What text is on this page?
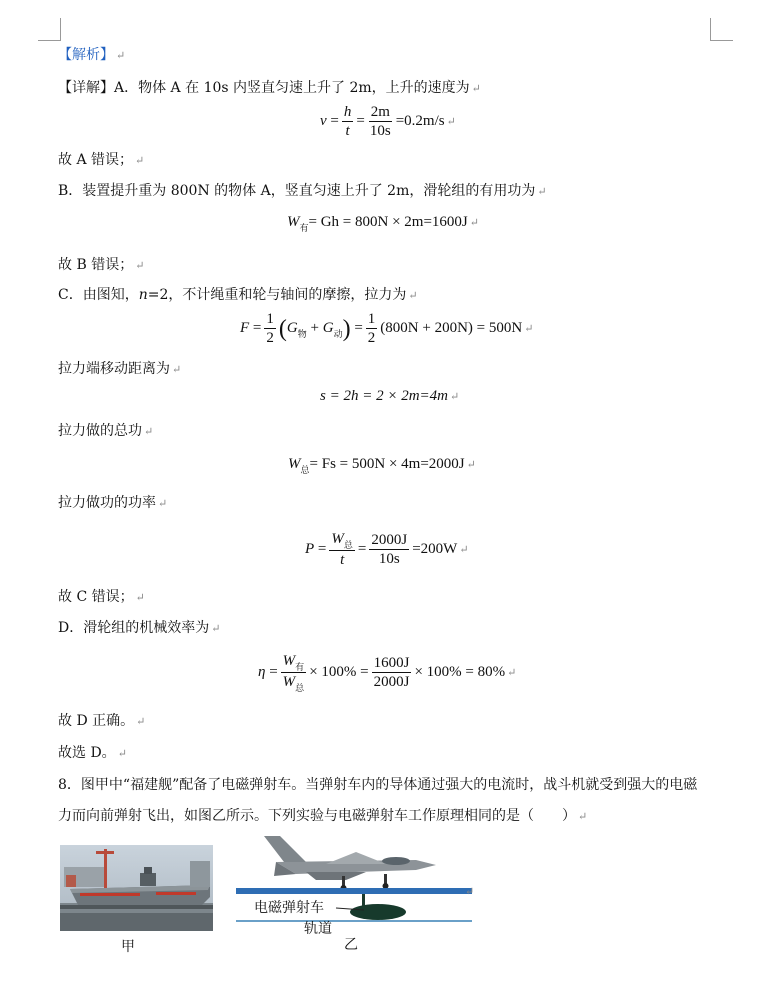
【解析】 ↵
【详解】A．物体 A 在 10s 内竖直匀速上升了 2m，上升的速度为 ↵
$v = \frac{h}{t} = \frac{2m}{10s} =0.2m/s$ ↵
故 A 错误； ↵
B．装置提升重为 800N 的物体 A，竖直匀速上升了 2m，滑轮组的有用功为 ↵
W 有 = Gh = 800N × 2m=1600J ↵
故 B 错误； ↵
C．由图知，n=2，不计绳重和轮与轴间的摩擦，拉力为 ↵
$F = \frac{1}{2}$ ( G 物 + G 动 ) = $\frac{1}{2} (800N + 200N) = 500N$ ↵
拉力端移动距离为 ↵
s = 2h = 2 × 2m=4m ↵
拉力做的总功 ↵
W 总 = Fs = 500N × 4m=2000J ↵
拉力做功的功率 ↵
$P = \frac{W_总}{t} = \frac{2000J}{10s} =200W$ ↵
故 C 错误； ↵
D．滑轮组的机械效率为 ↵
$\eta = \frac{W_有}{W_总} \times 100\% = \frac{1600J}{2000J} \times 100\% = 80\%$ ↵
故 D 正确。 ↵
故选 D。 ↵
8．图甲中“福建舰”配备了电磁弹射车。当弹射车内的导体通过强大的电流时，战斗机就受到强大的电磁
力而向前弹射飞出，如图乙所示。下列实验与电磁弹射车工作原理相同的是（　　） ↵
甲
电磁弹射车
轨道
乙
↵
